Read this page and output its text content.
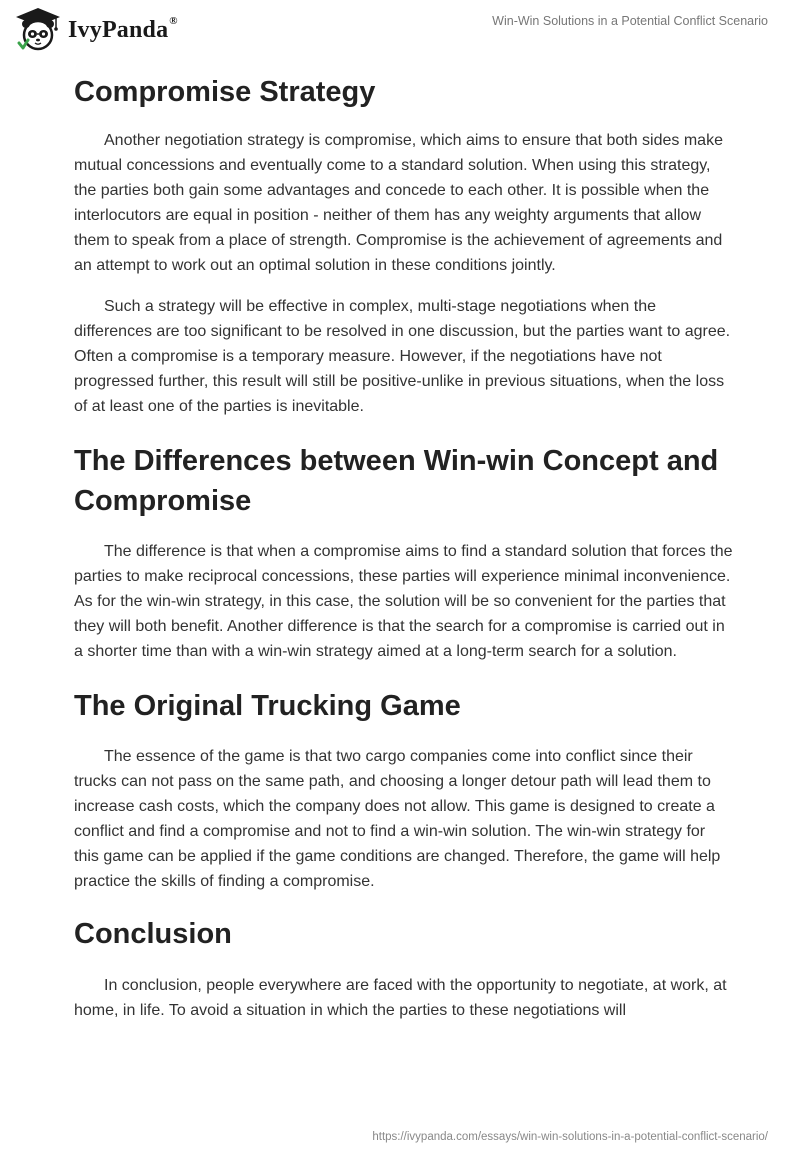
IvyPanda®	Win-Win Solutions in a Potential Conflict Scenario
Compromise Strategy

Another negotiation strategy is compromise, which aims to ensure that both sides make mutual concessions and eventually come to a standard solution. When using this strategy, the parties both gain some advantages and concede to each other. It is possible when the interlocutors are equal in position - neither of them has any weighty arguments that allow them to speak from a place of strength. Compromise is the achievement of agreements and an attempt to work out an optimal solution in these conditions jointly.

Such a strategy will be effective in complex, multi-stage negotiations when the differences are too significant to be resolved in one discussion, but the parties want to agree. Often a compromise is a temporary measure. However, if the negotiations have not progressed further, this result will still be positive-unlike in previous situations, when the loss of at least one of the parties is inevitable.

The Differences between Win-win Concept and Compromise

The difference is that when a compromise aims to find a standard solution that forces the parties to make reciprocal concessions, these parties will experience minimal inconvenience. As for the win-win strategy, in this case, the solution will be so convenient for the parties that they will both benefit. Another difference is that the search for a compromise is carried out in a shorter time than with a win-win strategy aimed at a long-term search for a solution.

The Original Trucking Game

The essence of the game is that two cargo companies come into conflict since their trucks can not pass on the same path, and choosing a longer detour path will lead them to increase cash costs, which the company does not allow. This game is designed to create a conflict and find a compromise and not to find a win-win solution. The win-win strategy for this game can be applied if the game conditions are changed. Therefore, the game will help practice the skills of finding a compromise.

Conclusion

In conclusion, people everywhere are faced with the opportunity to negotiate, at work, at home, in life. To avoid a situation in which the parties to these negotiations will

https://ivypanda.com/essays/win-win-solutions-in-a-potential-conflict-scenario/
